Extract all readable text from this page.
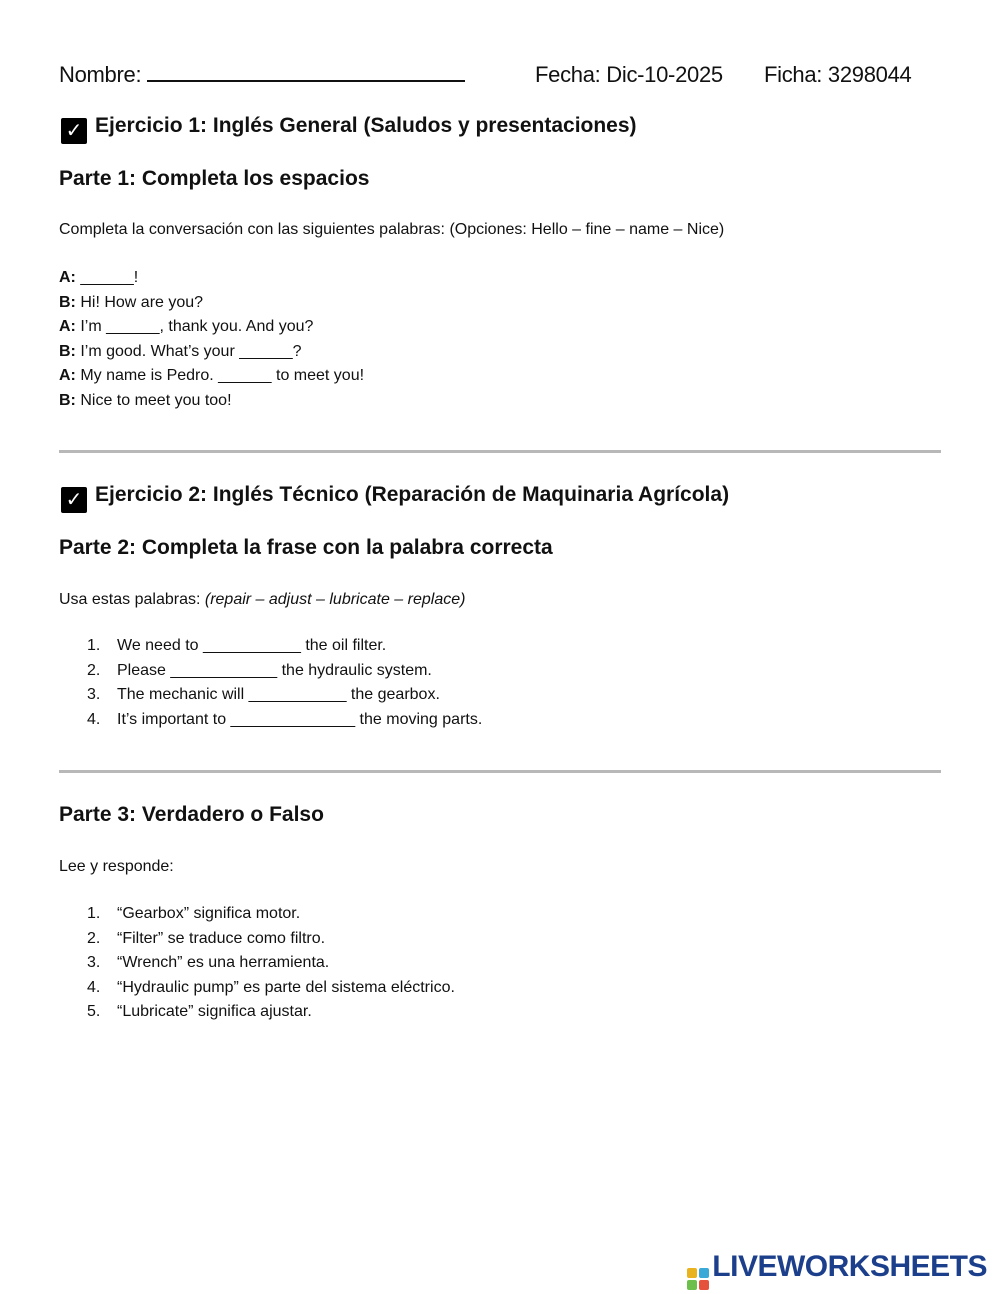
Nombre:	Fecha: Dic-10-2025 Ficha: 3298044
✓ Ejercicio 1: Inglés General (Saludos y presentaciones)
Parte 1: Completa los espacios
Completa la conversación con las siguientes palabras: (Opciones: Hello – fine – name – Nice)
A: ______!
B: Hi! How are you?
A: I’m ______, thank you. And you?
B: I’m good. What’s your ______?
A: My name is Pedro. ______ to meet you!
B: Nice to meet you too!
✓ Ejercicio 2: Inglés Técnico (Reparación de Maquinaria Agrícola)
Parte 2: Completa la frase con la palabra correcta
Usa estas palabras: (repair – adjust – lubricate – replace)
1. We need to ___________ the oil filter.
2. Please ____________ the hydraulic system.
3. The mechanic will ___________ the gearbox.
4. It’s important to ______________ the moving parts.
Parte 3: Verdadero o Falso
Lee y responde:
1. “Gearbox” significa motor.
2. “Filter” se traduce como filtro.
3. “Wrench” es una herramienta.
4. “Hydraulic pump” es parte del sistema eléctrico.
5. “Lubricate” significa ajustar.
LIVEWORKSHEETS
